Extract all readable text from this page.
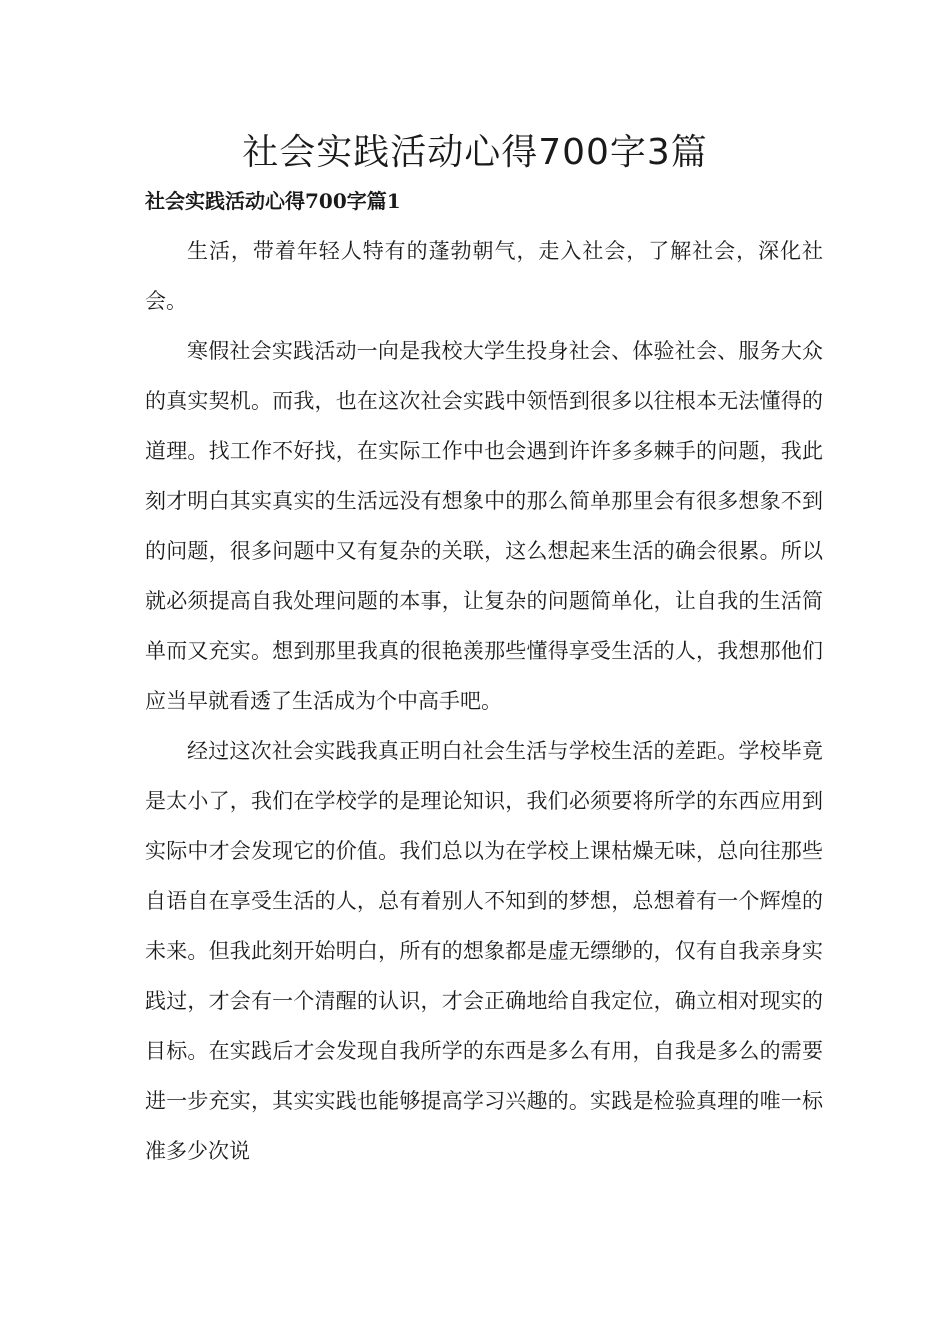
社会实践活动心得700字3篇
社会实践活动心得700字篇1

生活，带着年轻人特有的蓬勃朝气，走入社会，了解社会，深化社会。

寒假社会实践活动一向是我校大学生投身社会、体验社会、服务大众的真实契机。而我，也在这次社会实践中领悟到很多以往根本无法懂得的道理。找工作不好找，在实际工作中也会遇到许许多多棘手的问题，我此刻才明白其实真实的生活远没有想象中的那么简单那里会有很多想象不到的问题，很多问题中又有复杂的关联，这么想起来生活的确会很累。所以就必须提高自我处理问题的本事，让复杂的问题简单化，让自我的生活简单而又充实。想到那里我真的很艳羡那些懂得享受生活的人，我想那他们应当早就看透了生活成为个中高手吧。

经过这次社会实践我真正明白社会生活与学校生活的差距。学校毕竟是太小了，我们在学校学的是理论知识，我们必须要将所学的东西应用到实际中才会发现它的价值。我们总以为在学校上课枯燥无味，总向往那些自语自在享受生活的人，总有着别人不知到的梦想，总想着有一个辉煌的未来。但我此刻开始明白，所有的想象都是虚无缥缈的，仅有自我亲身实践过，才会有一个清醒的认识，才会正确地给自我定位，确立相对现实的目标。在实践后才会发现自我所学的东西是多么有用，自我是多么的需要进一步充实，其实实践也能够提高学习兴趣的。实践是检验真理的唯一标准多少次说
